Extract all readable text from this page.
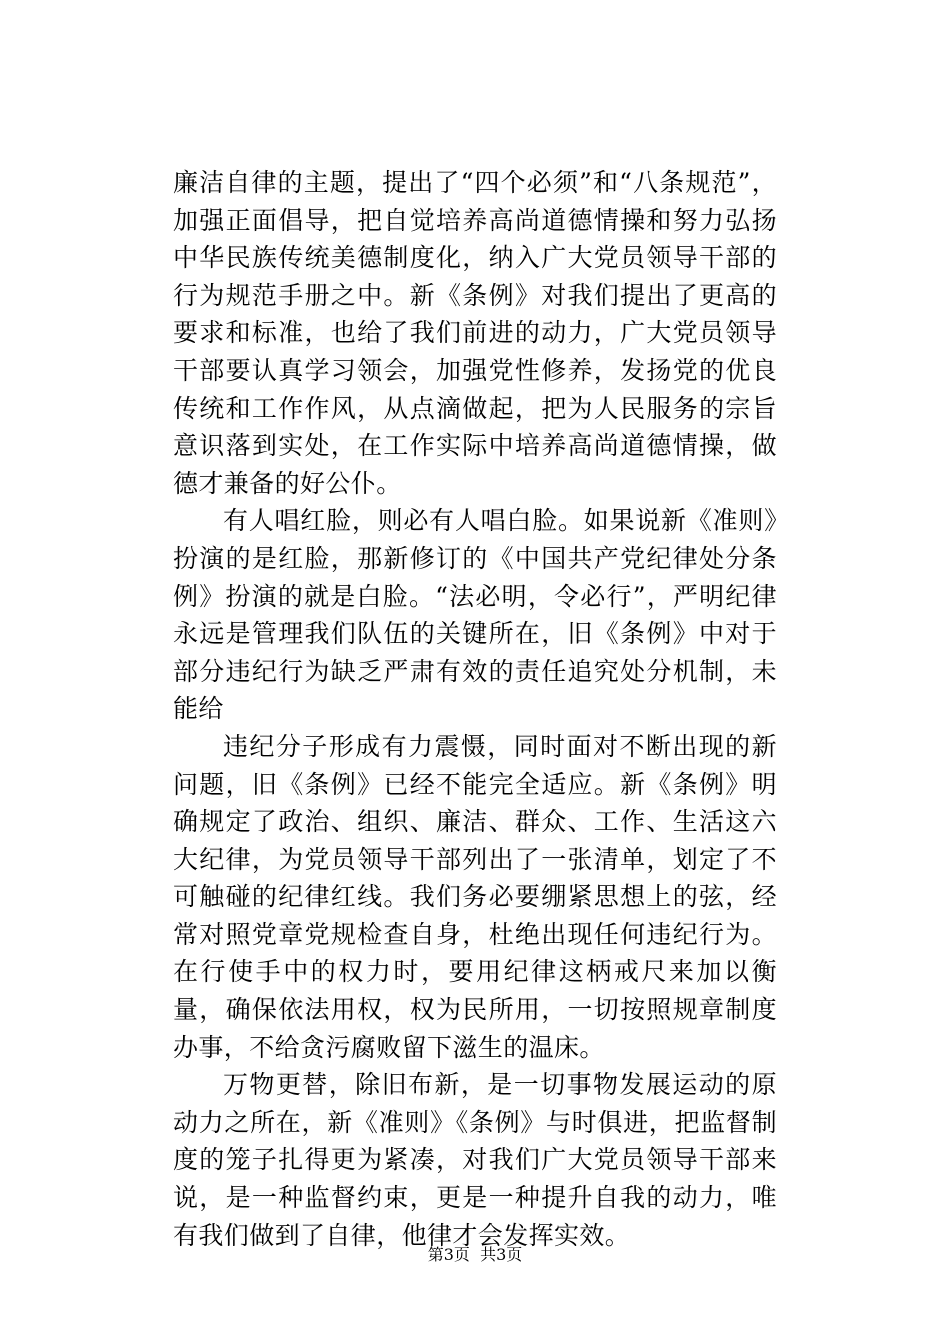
廉洁自律的主题，提出了“四个必须”和“八条规范”，加强正面倡导，把自觉培养高尚道德情操和努力弘扬中华民族传统美德制度化，纳入广大党员领导干部的行为规范手册之中。新《条例》对我们提出了更高的要求和标准，也给了我们前进的动力，广大党员领导干部要认真学习领会，加强党性修养，发扬党的优良传统和工作作风，从点滴做起，把为人民服务的宗旨意识落到实处，在工作实际中培养高尚道德情操，做德才兼备的好公仆。

有人唱红脸，则必有人唱白脸。如果说新《准则》扮演的是红脸，那新修订的《中国共产党纪律处分条例》扮演的就是白脸。“法必明，令必行”，严明纪律永远是管理我们队伍的关键所在，旧《条例》中对于部分违纪行为缺乏严肃有效的责任追究处分机制，未能给

违纪分子形成有力震慑，同时面对不断出现的新问题，旧《条例》已经不能完全适应。新《条例》明确规定了政治、组织、廉洁、群众、工作、生活这六大纪律，为党员领导干部列出了一张清单，划定了不可触碰的纪律红线。我们务必要绷紧思想上的弦，经常对照党章党规检查自身，杜绝出现任何违纪行为。在行使手中的权力时，要用纪律这柄戒尺来加以衡量，确保依法用权，权为民所用，一切按照规章制度办事，不给贪污腐败留下滋生的温床。

万物更替，除旧布新，是一切事物发展运动的原动力之所在，新《准则》《条例》与时俱进，把监督制度的笼子扎得更为紧凑，对我们广大党员领导干部来说，是一种监督约束，更是一种提升自我的动力，唯有我们做到了自律，他律才会发挥实效。

第3页  共3页
